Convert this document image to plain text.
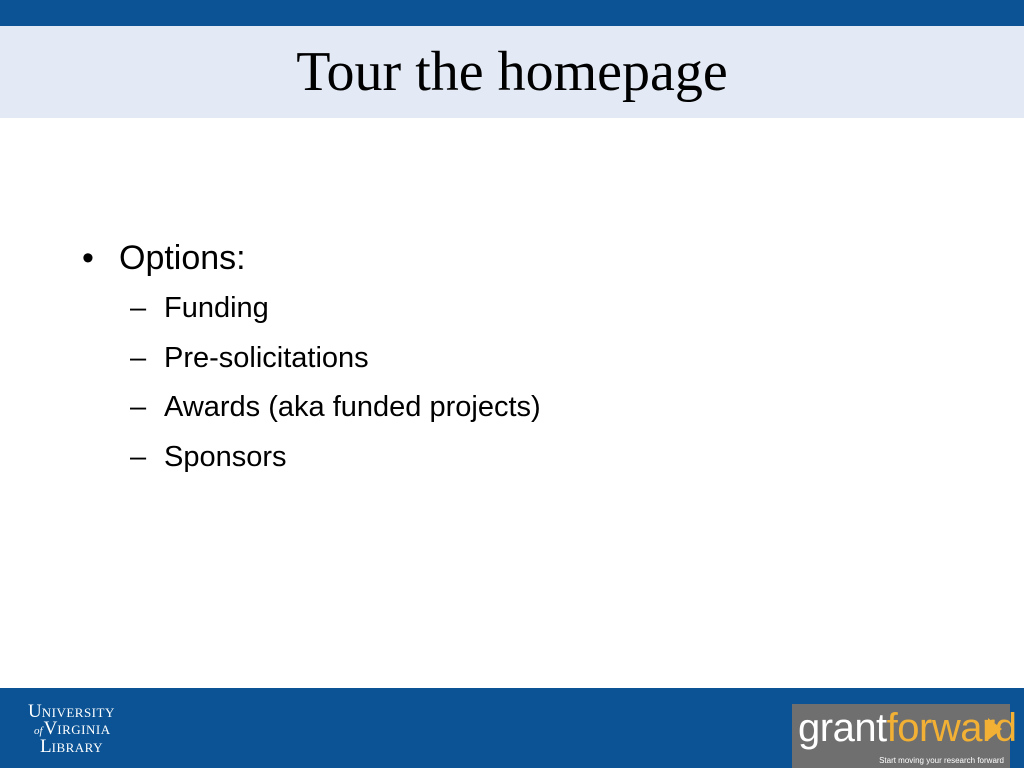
Tour the homepage
• Options:
– Funding
– Pre-solicitations
– Awards (aka funded projects)
– Sponsors
UNIVERSITY
ofVIRGINIA
LIBRARY	grantforward
Start moving your research forward
